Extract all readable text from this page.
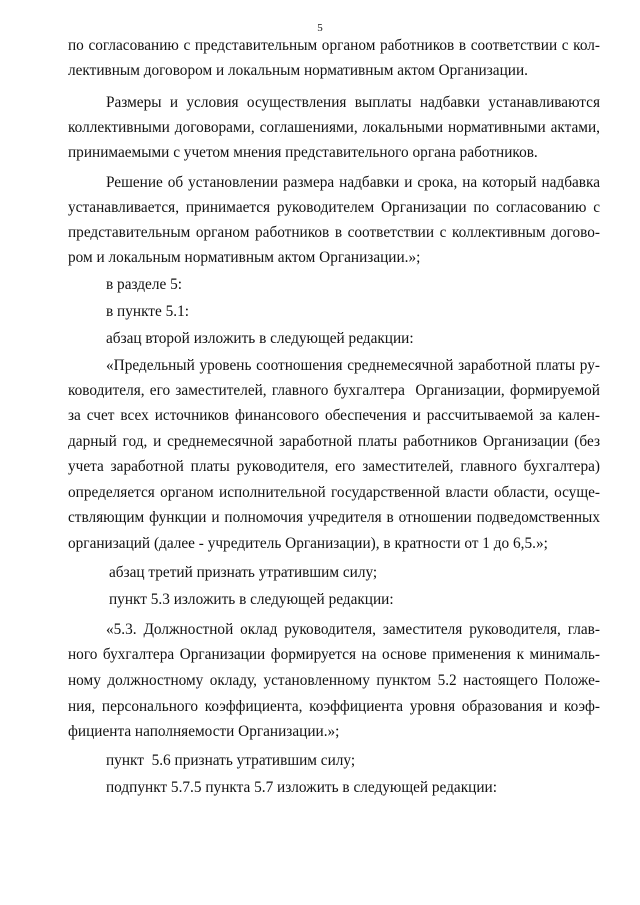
5
по согласованию с представительным органом работников в соответствии с кол-
лективным договором и локальным нормативным актом Организации.
Размеры и условия осуществления выплаты надбавки устанавливаются
коллективными договорами, соглашениями, локальными нормативными актами,
принимаемыми с учетом мнения представительного органа работников.
Решение об установлении размера надбавки и срока, на который надбавка
устанавливается, принимается руководителем Организации по согласованию с
представительным органом работников в соответствии с коллективным догово-
ром и локальным нормативным актом Организации.»;
в разделе 5:
в пункте 5.1:
абзац второй изложить в следующей редакции:
«Предельный уровень соотношения среднемесячной заработной платы ру-
ководителя, его заместителей, главного бухгалтера  Организации, формируемой
за счет всех источников финансового обеспечения и рассчитываемой за кален-
дарный год, и среднемесячной заработной платы работников Организации (без
учета заработной платы руководителя, его заместителей, главного бухгалтера)
определяется органом исполнительной государственной власти области, осуще-
ствляющим функции и полномочия учредителя в отношении подведомственных
организаций (далее - учредитель Организации), в кратности от 1 до 6,5.»;
абзац третий признать утратившим силу;
пункт 5.3 изложить в следующей редакции:
«5.3. Должностной оклад руководителя, заместителя руководителя, глав-
ного бухгалтера Организации формируется на основе применения к минималь-
ному должностному окладу, установленному пунктом 5.2 настоящего Положе-
ния, персонального коэффициента, коэффициента уровня образования и коэф-
фициента наполняемости Организации.»;
пункт  5.6 признать утратившим силу;
подпункт 5.7.5 пункта 5.7 изложить в следующей редакции:
